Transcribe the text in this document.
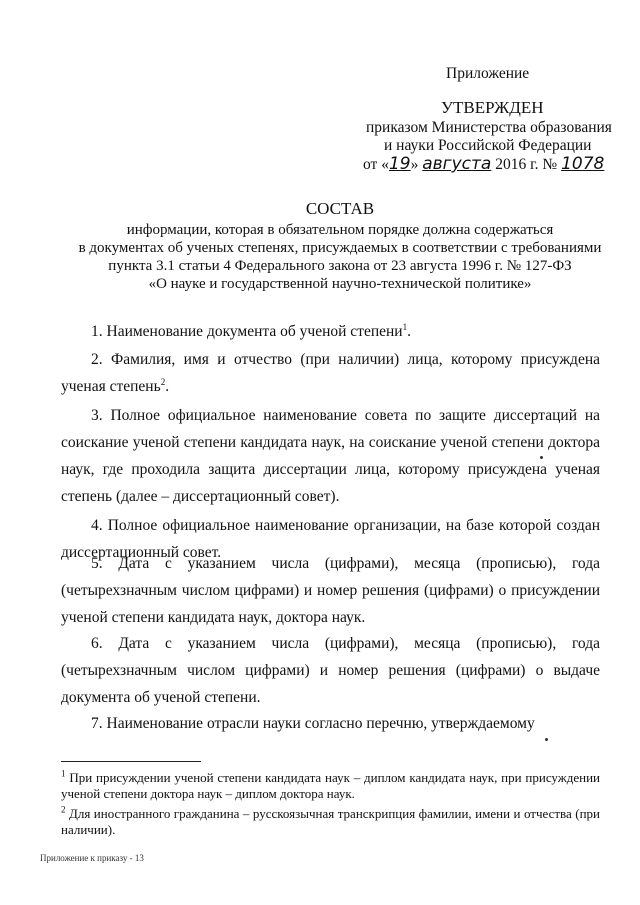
Приложение
УТВЕРЖДЕН
приказом Министерства образования
и науки Российской Федерации
от «19» августа 2016 г. № 1078
СОСТАВ
информации, которая в обязательном порядке должна содержаться
в документах об ученых степенях, присуждаемых в соответствии с требованиями
пункта 3.1 статьи 4 Федерального закона от 23 августа 1996 г. № 127-ФЗ
«О науке и государственной научно-технической политике»

1. Наименование документа об ученой степени$^1$.

2. Фамилия, имя и отчество (при наличии) лица, которому присуждена ученая степень$^2$.

3. Полное официальное наименование совета по защите диссертаций на соискание ученой степени кандидата наук, на соискание ученой степени доктора наук, где проходила защита диссертации лица, которому присуждена ученая степень (далее – диссертационный совет).

4. Полное официальное наименование организации, на базе которой создан диссертационный совет.

5. Дата с указанием числа (цифрами), месяца (прописью), года (четырехзначным числом цифрами) и номер решения (цифрами) о присуждении ученой степени кандидата наук, доктора наук.

6. Дата с указанием числа (цифрами), месяца (прописью), года (четырехзначным числом цифрами) и номер решения (цифрами) о выдаче документа об ученой степени.

7. Наименование отрасли науки согласно перечню, утверждаемому

$^1$ При присуждении ученой степени кандидата наук – диплом кандидата наук, при присуждении ученой степени доктора наук – диплом доктора наук.

$^2$ Для иностранного гражданина – русскоязычная транскрипция фамилии, имени и отчества (при наличии).

Приложение к приказу - 13
